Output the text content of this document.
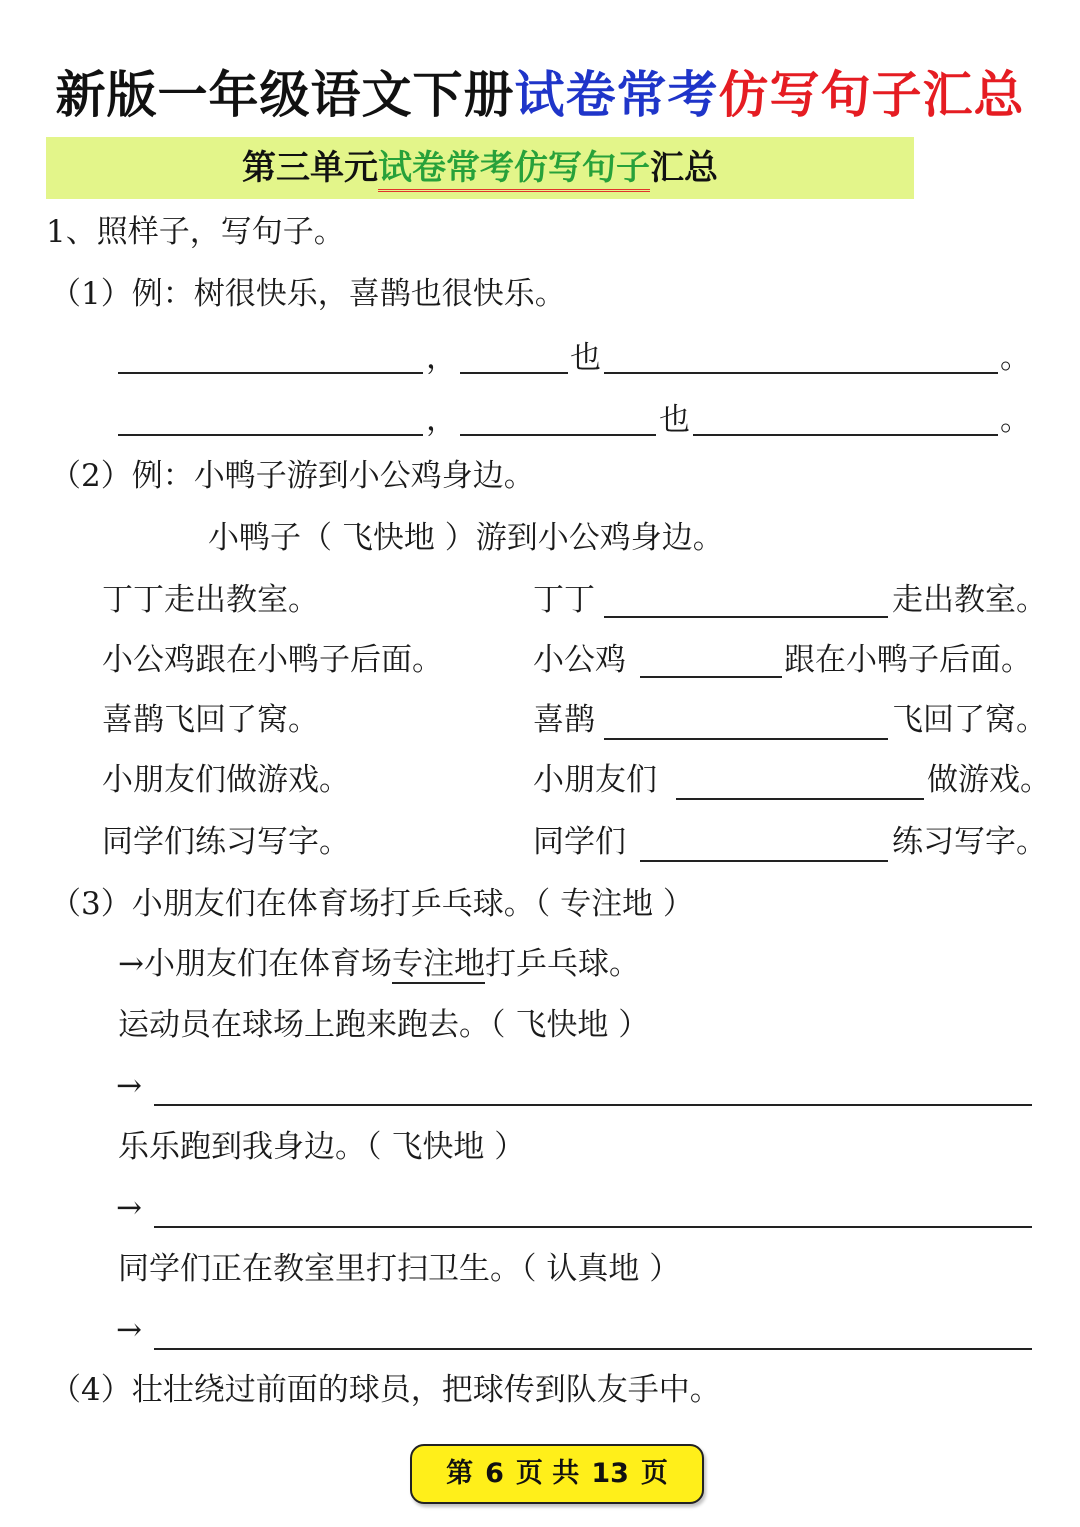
新版一年级语文下册试卷常考仿写句子汇总
第三单元试卷常考仿写句子汇总
1、照样子，写句子。
（1）例：树很快乐，喜鹊也很快乐。
，	也	。
，	也	。
（2）例：小鸭子游到小公鸡身边。
小鸭子（ 飞快地 ）游到小公鸡身边。
丁丁走出教室。	丁丁	走出教室。
小公鸡跟在小鸭子后面。	小公鸡	跟在小鸭子后面。
喜鹊飞回了窝。	喜鹊	飞回了窝。
小朋友们做游戏。	小朋友们	做游戏。
同学们练习写字。	同学们	练习写字。
（3）小朋友们在体育场打乒乓球。（ 专注地 ）
→小朋友们在体育场专注地打乒乓球。
运动员在球场上跑来跑去。（ 飞快地 ）
→
乐乐跑到我身边。（ 飞快地 ）
→
同学们正在教室里打扫卫生。（ 认真地 ）
→
（4）壮壮绕过前面的球员，把球传到队友手中。
第 6 页 共 13 页
